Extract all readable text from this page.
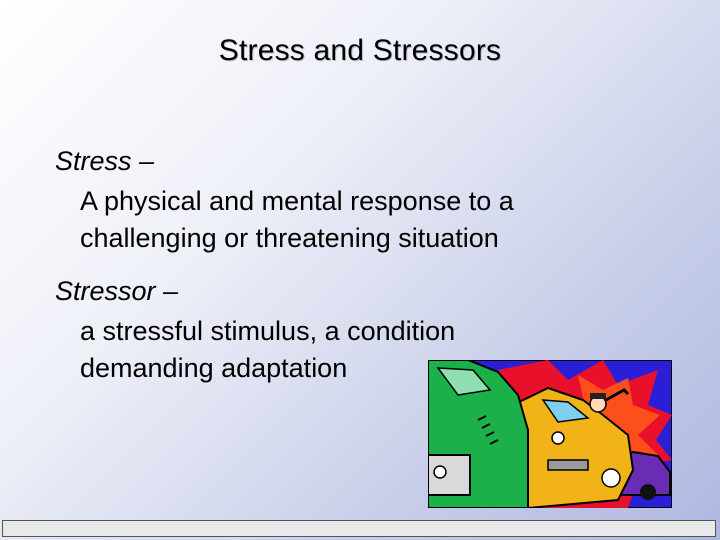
Stress and Stressors
Stress –
A physical and mental response to a
challenging or threatening situation
Stressor –
a stressful stimulus, a condition
demanding adaptation
